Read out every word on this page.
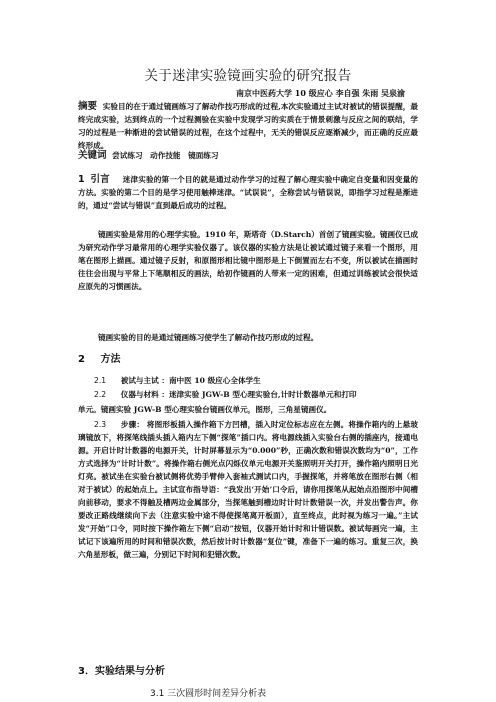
关于迷津实验镜画实验的研究报告
南京中医药大学 10 级应心 李自强 朱雨 吴泉渝

摘要 实验目的在于通过镜画练习了解动作技巧形成的过程,本次实验通过主试对被试的错误提醒，最终完成实验，达到终点的一个过程测验在实验中发现学习的实质在于情景刺激与反应之间的联结，学习的过程是一种渐进的尝试错误的过程，在这个过程中，无关的错误反应逐渐减少，而正确的反应最终形成。

关键词 尝试练习　动作技能　镜面练习

1 引言 迷津实验的第一个目的就是通过动作学习的过程了解心理实验中确定自变量和因变量的方法。实验的第二个目的是学习使用触棒迷津。“试误说”，全称尝试与错误说，即指学习过程是渐进的，通过“尝试与错误”直到最后成功的过程。

镜画实验是常用的心理学实验。1910 年，斯塔奇（D.Starch）首创了镜画实验。镜画仪已成为研究动作学习最常用的心理学实验仪器了。该仪器的实验方法是让被试通过镜子来看一个图形，用笔在图形上描画。通过镜子反射，和原图形相比镜中图形是上下倒置而左右不变，所以被试在描画时往往会出现与平常上下笔顺相反的画法，给初作镜画的人带来一定的困难，但通过训练被试会很快适应原先的习惯画法。

镜画实验的目的是通过镜画练习使学生了解动作技巧形成的过程。

2 方法
2.1 被试与主试 ：南中医 10 级应心全体学生
2.2 仪器与材料 ：迷津实验 JGW-B 型心理实验台,计时计数器单元和打印

单元。镜画实验 JGW-B 型心理实验台镜画仪单元，图形，三角星镜画仪。

2.3 步骤： 将图形板插入操作箱下方凹槽，插入时定位标志应在左侧。将操作箱内的上悬玻璃镜放下，将探笔线插头插入箱内左下侧“探笔”插口内。将电源线插入实验台右侧的插座内，接通电源。开启计时计数器的电源开关，计时屏幕显示为“0.000”秒，正确次数和错误次数均为“0”，工作方式选择为“计时计数”。将操作箱右侧光点闪烁仪单元电源开关鉴照明开关打开，操作箱内照明日光灯亮。被试坐在实验台被试侧将优势手臂伸入套袖式测试口内，手握探笔，并将笔放在图形右侧（相对于被试）的起始点上。主试宣布指导语：“我发出‘开始’口令后，请你用探笔从起始点沿图形中间槽向前移动，要求不得触及槽两边金属部分，当探笔触到槽边时计时计数错误一次，并发出警告声。你要改正路线继续向下去（注意实验中途不得使探笔离开板面），直至终点，此时视为练习一遍。”主试发“开始”口令，同时按下操作箱左下侧“启动”按钮，仪器开始计时和计错误数。被试每画完一遍，主试记下该遍所用的时间和错误次数，然后按计时计数器“复位”键，准备下一遍的练习。重复三次，换六角星形板，做三遍，分别记下时间和犯错次数。

3．实验结果与分析
3.1 三次圆形时间差异分析表
